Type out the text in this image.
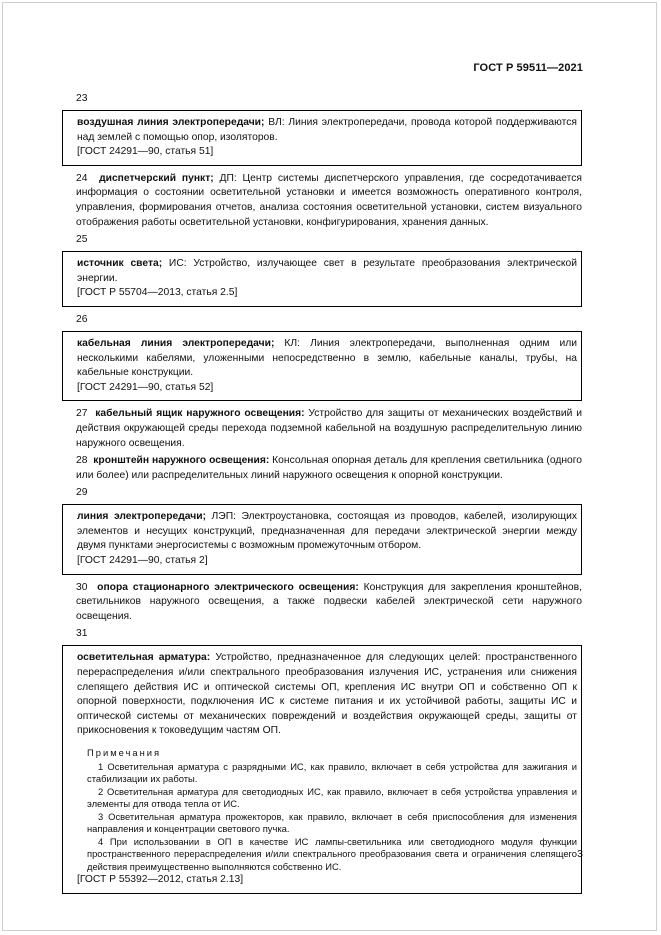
ГОСТ Р 59511—2021
23

воздушная линия электропередачи; ВЛ: Линия электропередачи, провода которой поддерживаются над землей с помощью опор, изоляторов.

[ГОСТ 24291—90, статья 51]

24 диспетчерский пункт; ДП: Центр системы диспетчерского управления, где сосредотачивается информация о состоянии осветительной установки и имеется возможность оперативного контроля, управления, формирования отчетов, анализа состояния осветительной установки, систем визуального отображения работы осветительной установки, конфигурирования, хранения данных.

25

источник света; ИС: Устройство, излучающее свет в результате преобразования электрической энергии.

[ГОСТ Р 55704—2013, статья 2.5]

26

кабельная линия электропередачи; КЛ: Линия электропередачи, выполненная одним или несколькими кабелями, уложенными непосредственно в землю, кабельные каналы, трубы, на кабельные конструкции.

[ГОСТ 24291—90, статья 52]

27 кабельный ящик наружного освещения: Устройство для защиты от механических воздействий и действия окружающей среды перехода подземной кабельной на воздушную распределительную линию наружного освещения.

28 кронштейн наружного освещения: Консольная опорная деталь для крепления светильника (одного или более) или распределительных линий наружного освещения к опорной конструкции.

29

линия электропередачи; ЛЭП: Электроустановка, состоящая из проводов, кабелей, изолирующих элементов и несущих конструкций, предназначенная для передачи электрической энергии между двумя пунктами энергосистемы с возможным промежуточным отбором.

[ГОСТ 24291—90, статья 2]

30 опора стационарного электрического освещения: Конструкция для закрепления кронштейнов, светильников наружного освещения, а также подвески кабелей электрической сети наружного освещения.

31

осветительная арматура: Устройство, предназначенное для следующих целей: пространственного перераспределения и/или спектрального преобразования излучения ИС, устранения или снижения слепящего действия ИС и оптической системы ОП, крепления ИС внутри ОП и собственно ОП к опорной поверхности, подключения ИС к системе питания и их устойчивой работы, защиты ИС и оптической системы от механических повреждений и воздействия окружающей среды, защиты от прикосновения к токоведущим частям ОП.

Примечания

1 Осветительная арматура с разрядными ИС, как правило, включает в себя устройства для зажигания и стабилизации их работы.

2 Осветительная арматура для светодиодных ИС, как правило, включает в себя устройства управления и элементы для отвода тепла от ИС.

3 Осветительная арматура прожекторов, как правило, включает в себя приспособления для изменения направления и концентрации светового пучка.

4 При использовании в ОП в качестве ИС лампы-светильника или светодиодного модуля функции пространственного перераспределения и/или спектрального преобразования света и ограничения слепящего действия преимущественно выполняются собственно ИС.

[ГОСТ Р 55392—2012, статья 2.13]

3
